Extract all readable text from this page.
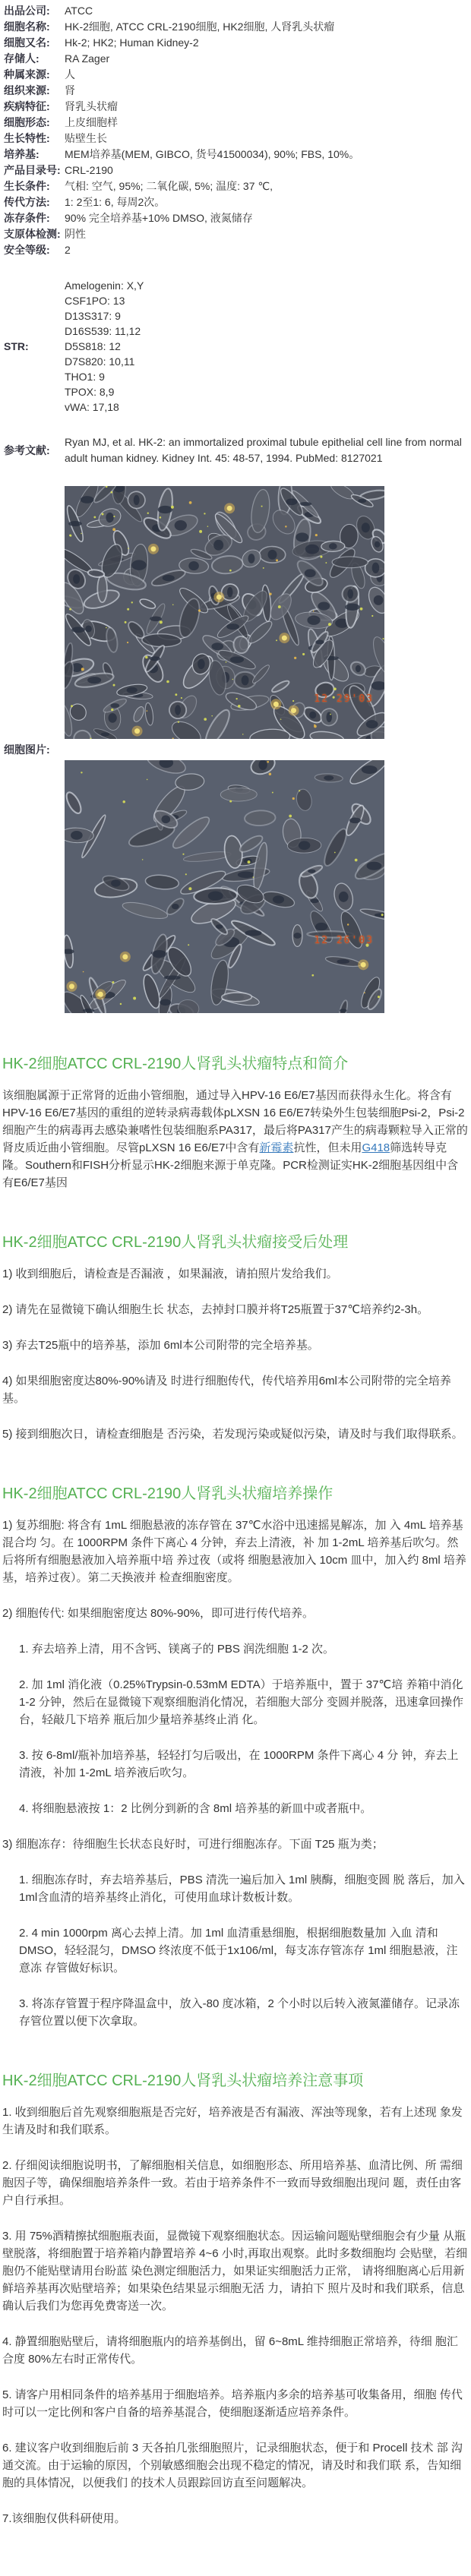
出品公司:	ATCC
细胞名称:	HK-2细胞, ATCC CRL-2190细胞, HK2细胞, 人肾乳头状瘤
细胞又名:	Hk-2; HK2; Human Kidney-2
存储人:	RA Zager
种属来源:	人
组织来源:	肾
疾病特征:	肾乳头状瘤
细胞形态:	上皮细胞样
生长特性:	贴壁生长
培养基:	MEM培养基(MEM, GIBCO, 货号41500034), 90%; FBS, 10%。
产品目录号:	CRL-2190
生长条件:	气相: 空气, 95%; 二氧化碳, 5%; 温度: 37 ℃,
传代方法:	1: 2至1: 6, 每周2次。
冻存条件:	90% 完全培养基+10% DMSO, 液氮储存
支原体检测:	阴性
安全等级:	2

STR:	
Amelogenin: X,Y
CSF1PO: 13
D13S317: 9
D16S539: 11,12
D5S818: 12
D7S820: 10,11
THO1: 9
TPOX: 8,9
vWA: 17,18

参考文献:	Ryan MJ, et al. HK-2: an immortalized proximal tubule epithelial cell line from normal adult human kidney. Kidney Int. 45: 48-57, 1994. PubMed: 8127021

细胞图片:	12 29'03
12 26'03
HK-2细胞ATCC CRL-2190人肾乳头状瘤特点和简介

该细胞属源于正常肾的近曲小管细胞，通过导入HPV-16 E6/E7基因而获得永生化。将含有HPV-16 E6/E7基因的重组的逆转录病毒载体pLXSN 16 E6/E7转染外生包装细胞Psi-2，Psi-2细胞产生的病毒再去感染兼嗜性包装细胞系PA317，最后将PA317产生的病毒颗粒导入正常的肾皮质近曲小管细胞。尽管pLXSN 16 E6/E7中含有新霉素抗性，但未用G418筛选转导克隆。Southern和FISH分析显示HK-2细胞来源于单克隆。PCR检测证实HK-2细胞基因组中含有E6/E7基因

HK-2细胞ATCC CRL-2190人肾乳头状瘤接受后处理

1) 收到细胞后，请检查是否漏液 ，如果漏液，请拍照片发给我们。

2) 请先在显微镜下确认细胞生长 状态，去掉封口膜并将T25瓶置于37℃培养约2-3h。

3) 弃去T25瓶中的培养基，添加 6ml本公司附带的完全培养基。

4) 如果细胞密度达80%-90%请及 时进行细胞传代，传代培养用6ml本公司附带的完全培养基。

5) 接到细胞次日，请检查细胞是 否污染，若发现污染或疑似污染，请及时与我们取得联系。

HK-2细胞ATCC CRL-2190人肾乳头状瘤培养操作

1) 复苏细胞: 将含有 1mL 细胞悬液的冻存管在 37℃水浴中迅速摇晃解冻，加 入 4mL 培养基混合均 匀。在 1000RPM 条件下离心 4 分钟，弃去上清液，补 加 1-2mL 培养基后吹匀。然后将所有细胞悬液加入培养瓶中培 养过夜（或将 细胞悬液加入 10cm 皿中，加入约 8ml 培养基，培养过夜）。第二天换液并 检查细胞密度。

2) 细胞传代: 如果细胞密度达 80%-90%，即可进行传代培养。

1. 弃去培养上清，用不含钙、镁离子的 PBS 润洗细胞 1-2 次。

2. 加 1ml 消化液（0.25%Trypsin-0.53mM EDTA）于培养瓶中，置于 37℃培 养箱中消化1-2 分钟，然后在显微镜下观察细胞消化情况，若细胞大部分 变圆并脱落，迅速拿回操作台，轻敲几下培养 瓶后加少量培养基终止消 化。

3. 按 6-8ml/瓶补加培养基，轻轻打匀后吸出，在 1000RPM 条件下离心 4 分 钟，弃去上清液，补加 1-2mL 培养液后吹匀。

4. 将细胞悬液按 1：2 比例分到新的含 8ml 培养基的新皿中或者瓶中。

3) 细胞冻存：待细胞生长状态良好时，可进行细胞冻存。下面 T25 瓶为类；

1. 细胞冻存时，弃去培养基后，PBS 清洗一遍后加入 1ml 胰酶，细胞变圆 脱 落后，加入 1ml含血清的培养基终止消化，可使用血球计数板计数。

2. 4 min 1000rpm 离心去掉上清。加 1ml 血清重悬细胞，根据细胞数量加 入血 清和DMSO，轻轻混匀，DMSO 终浓度不低于1x106/ml，每支冻存管冻存 1ml 细胞悬液，注意冻 存管做好标识。

3. 将冻存管置于程序降温盒中，放入-80 度冰箱，2 个小时以后转入液氮灌储存。记录冻存管位置以便下次拿取。

HK-2细胞ATCC CRL-2190人肾乳头状瘤培养注意事项

1. 收到细胞后首先观察细胞瓶是否完好，培养液是否有漏液、浑浊等现象，若有上述现 象发生请及时和我们联系。

2. 仔细阅读细胞说明书，了解细胞相关信息，如细胞形态、所用培养基、血清比例、所 需细胞因子等，确保细胞培养条件一致。若由于培养条件不一致而导致细胞出现问 题，责任由客户自行承担。

3. 用 75%酒精擦拭细胞瓶表面，显微镜下观察细胞状态。因运输问题贴壁细胞会有少量 从瓶 壁脱落，将细胞置于培养箱内静置培养 4~6 小时,再取出观察。此时多数细胞均 会贴壁，若细胞仍不能贴壁请用台盼蓝 染色测定细胞活力，如果证实细胞活力正常， 请将细胞离心后用新鲜培养基再次贴壁培养；如果染色结果显示细胞无活 力，请拍下 照片及时和我们联系，信息确认后我们为您再免费寄送一次。

4. 静置细胞贴壁后，请将细胞瓶内的培养基倒出，留 6~8mL 维持细胞正常培养，待细 胞汇 合度 80%左右时正常传代。

5. 请客户用相同条件的培养基用于细胞培养。培养瓶内多余的培养基可收集备用，细胞 传代时可以一定比例和客户自备的培养基混合，使细胞逐渐适应培养条件。

6. 建议客户收到细胞后前 3 天各拍几张细胞照片，记录细胞状态，便于和 Procell 技术 部 沟通交流。由于运输的原因，个别敏感细胞会出现不稳定的情况，请及时和我们联 系，告知细胞的具体情况，以便我们 的技术人员跟踪回访直至问题解决。

7.该细胞仅供科研使用。
